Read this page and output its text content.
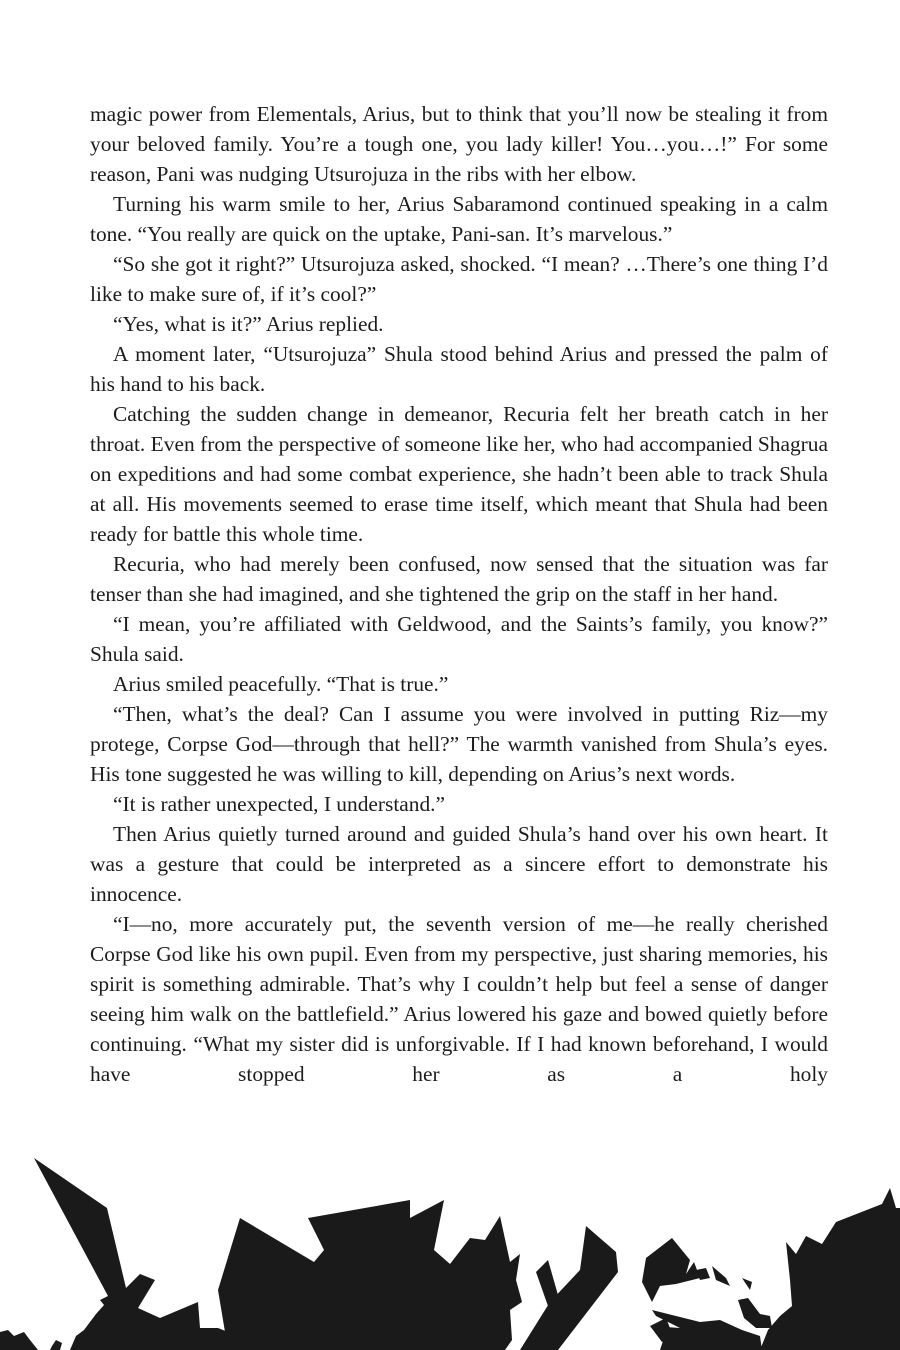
magic power from Elementals, Arius, but to think that you’ll now be stealing it from your beloved family. You’re a tough one, you lady killer! You…you…!” For some reason, Pani was nudging Utsurojuza in the ribs with her elbow.

Turning his warm smile to her, Arius Sabaramond continued speaking in a calm tone. “You really are quick on the uptake, Pani-san. It’s marvelous.”

“So she got it right?” Utsurojuza asked, shocked. “I mean? …There’s one thing I’d like to make sure of, if it’s cool?”

“Yes, what is it?” Arius replied.

A moment later, “Utsurojuza” Shula stood behind Arius and pressed the palm of his hand to his back.

Catching the sudden change in demeanor, Recuria felt her breath catch in her throat. Even from the perspective of someone like her, who had accompanied Shagrua on expeditions and had some combat experience, she hadn’t been able to track Shula at all. His movements seemed to erase time itself, which meant that Shula had been ready for battle this whole time.

Recuria, who had merely been confused, now sensed that the situation was far tenser than she had imagined, and she tightened the grip on the staff in her hand.

“I mean, you’re affiliated with Geldwood, and the Saints’s family, you know?” Shula said.

Arius smiled peacefully. “That is true.”

“Then, what’s the deal? Can I assume you were involved in putting Riz—my protege, Corpse God—through that hell?” The warmth vanished from Shula’s eyes. His tone suggested he was willing to kill, depending on Arius’s next words.

“It is rather unexpected, I understand.”

Then Arius quietly turned around and guided Shula’s hand over his own heart. It was a gesture that could be interpreted as a sincere effort to demonstrate his innocence.

“I—no, more accurately put, the seventh version of me—he really cherished Corpse God like his own pupil. Even from my perspective, just sharing memories, his spirit is something admirable. That’s why I couldn’t help but feel a sense of danger seeing him walk on the battlefield.” Arius lowered his gaze and bowed quietly before continuing. “What my sister did is unforgivable. If I had known beforehand, I would have stopped her as a holy
